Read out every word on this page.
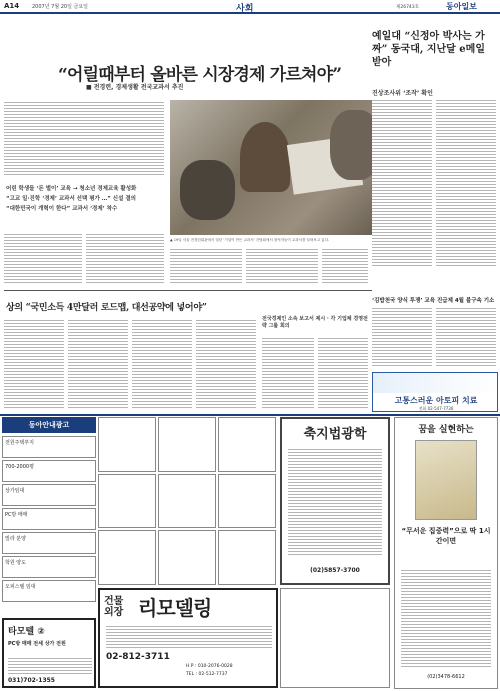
A14	2007년 7월 20일 금요일	사회	제26743호	동아일보
“어릴때부터 올바른 시장경제 가르쳐야”
■ 전경련, 경제생활 전국교과서 추진
어린 학생들 ‘돈 벌이’ 교육 → 청소년 경제교육 활성화
“고교 일·진학 ‘경제’ 교과서 선택 평가 …” 신설 결의
“대한민국이 개혁이 한다” 교과서 ‘경제’ 착수
▲ 19일 서울 전경련회관에서 열린 ‘기업이 만든 교과서’ 간담회에서 참석자들이 교과서를 살펴보고 있다.
예일대 “신정아 박사는 가짜” 동국대, 지난달 e메일 받아
진상조사위 ‘조작’ 확인
상의 “국민소득 4만달러 로드맵, 대선공약에 넣어야”
전국경제인 소속 보고서 제시 · 각 기업체 경영전략 그룹 회의
‘김밥천국 양식 투쟁’ 교육 진급제 4월 불구속 기소
고통스러운 아토피 치료
전화 02-547-7736
동아안내광고
전원주택부지
700-2000평
상가임대
PC방 매매
빌라 분양
학원 양도
오피스텔 임대
축지법광학
(02)5857-3700
꿈을 실현하는
“무서운 집중력”으로 딱 1시간이면
(02)3478-6612
건물 외장 리모델링
02-812-3711
H.P : 010-2076-0028
TEL : 02-512-7737
타모텔 ②
PC방 매매 전세 상가 전원
031)702-1355
